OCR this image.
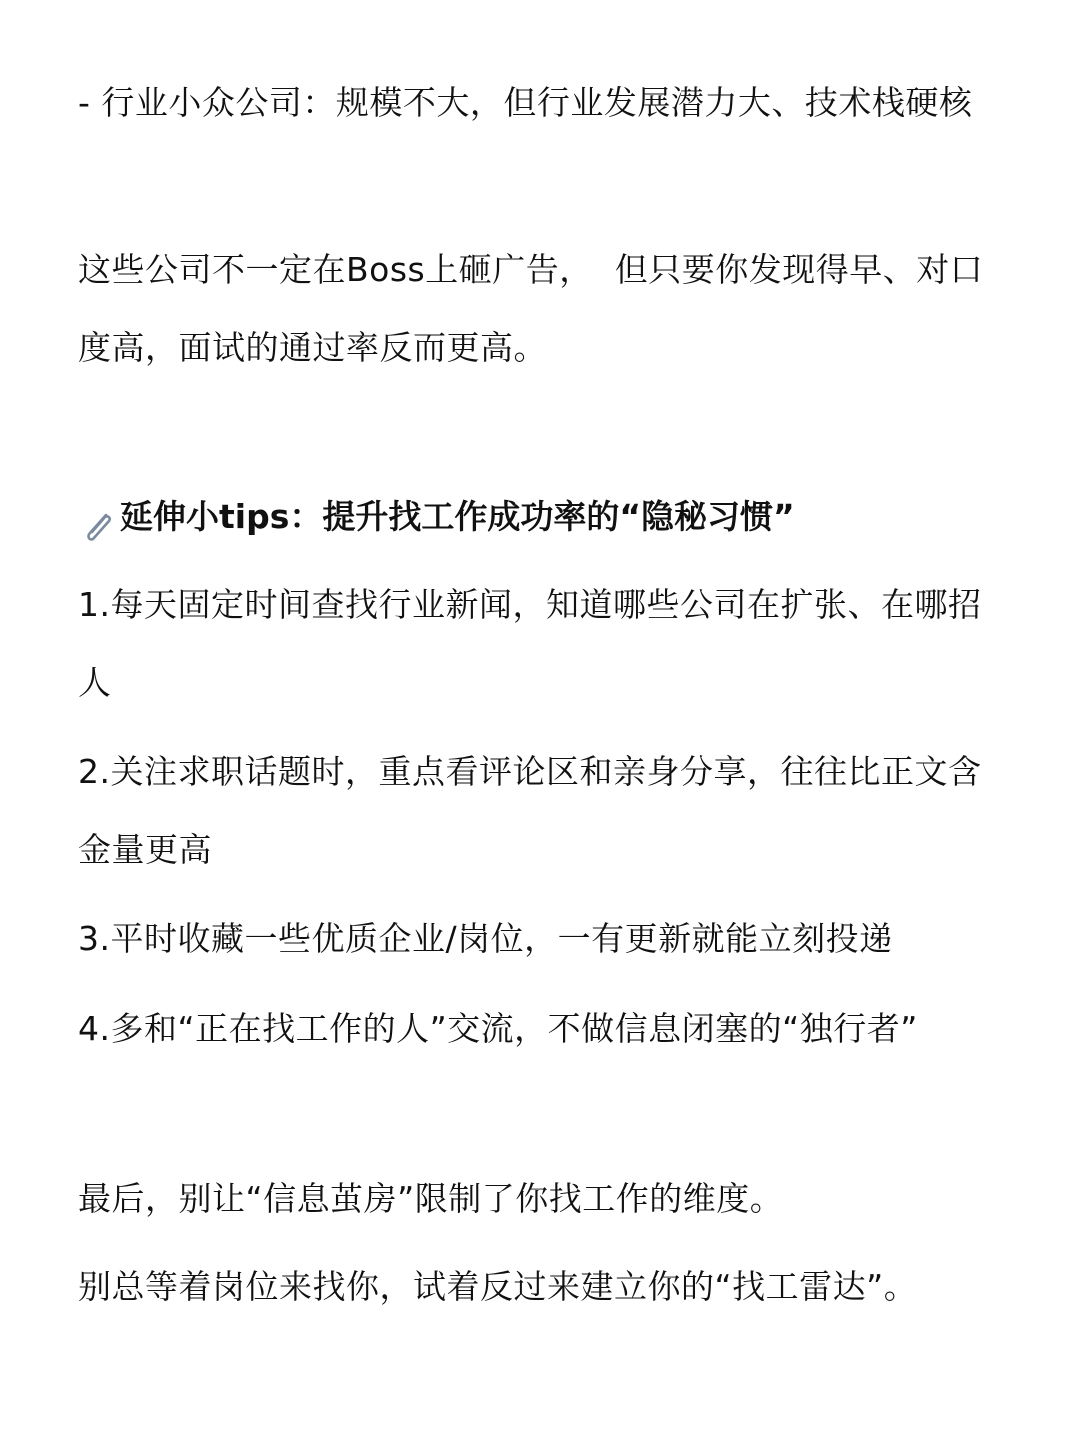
- 行业小众公司：规模不大，但行业发展潜力大、技术栈硬核

这些公司不一定在Boss上砸广告，  但只要你发现得早、对口度高，面试的通过率反而更高。

延伸小tips：提升找工作成功率的“隐秘习惯”

1.每天固定时间查找行业新闻，知道哪些公司在扩张、在哪招人

2.关注求职话题时，重点看评论区和亲身分享，往往比正文含金量更高

3.平时收藏一些优质企业/岗位，一有更新就能立刻投递

4.多和“正在找工作的人”交流，不做信息闭塞的“独行者”

最后，别让“信息茧房”限制了你找工作的维度。

别总等着岗位来找你，试着反过来建立你的“找工雷达”。
